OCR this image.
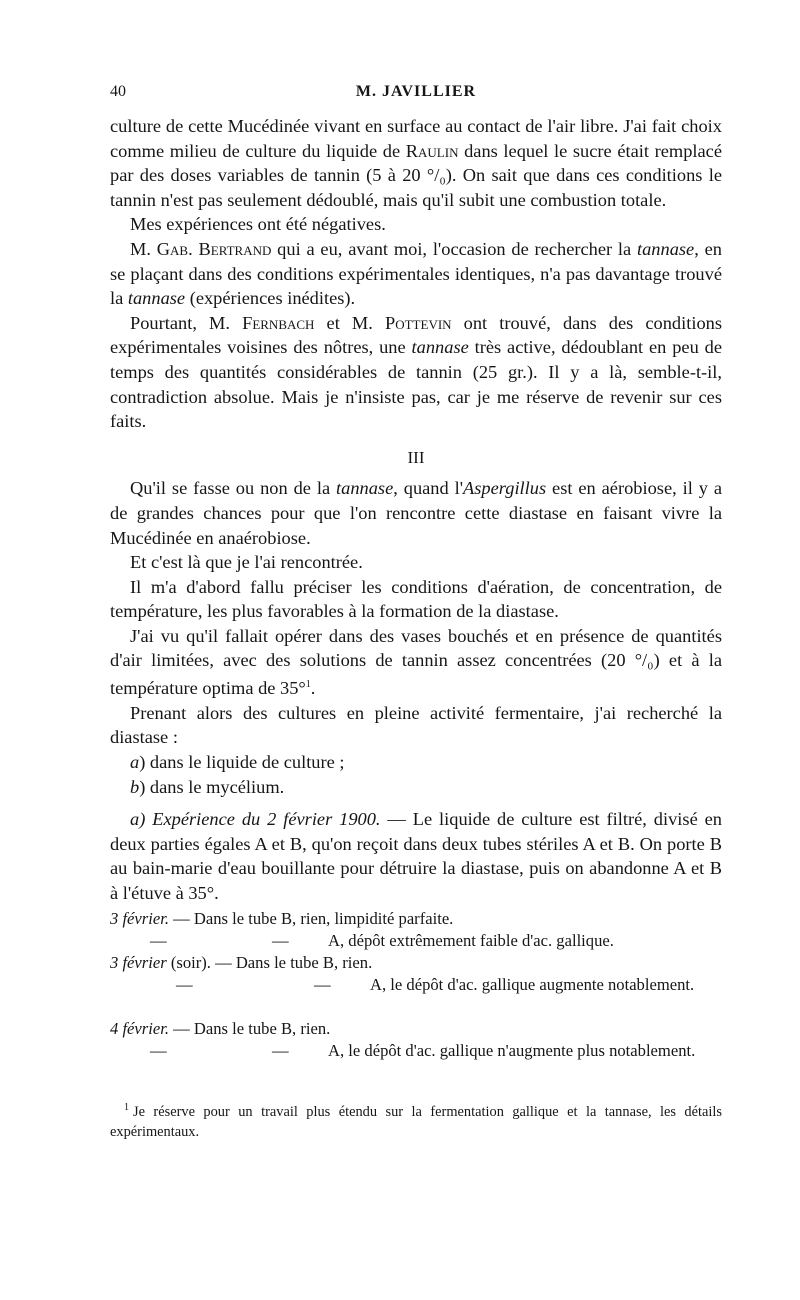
40	M. JAVILLIER

culture de cette Mucédinée vivant en surface au contact de l'air libre. J'ai fait choix comme milieu de culture du liquide de Raulin dans lequel le sucre était remplacé par des doses variables de tannin (5 à 20 °/₀). On sait que dans ces conditions le tannin n'est pas seulement dédoublé, mais qu'il subit une combustion totale.

Mes expériences ont été négatives.

M. Gab. Bertrand qui a eu, avant moi, l'occasion de rechercher la tannase, en se plaçant dans des conditions expérimentales identiques, n'a pas davantage trouvé la tannase (expériences inédites).

Pourtant, M. Fernbach et M. Pottevin ont trouvé, dans des conditions expérimentales voisines des nôtres, une tannase très active, dédoublant en peu de temps des quantités considérables de tannin (25 gr.). Il y a là, semble-t-il, contradiction absolue. Mais je n'insiste pas, car je me réserve de revenir sur ces faits.

III

Qu'il se fasse ou non de la tannase, quand l'Aspergillus est en aérobiose, il y a de grandes chances pour que l'on rencontre cette diastase en faisant vivre la Mucédinée en anaérobiose.

Et c'est là que je l'ai rencontrée.

Il m'a d'abord fallu préciser les conditions d'aération, de concentration, de température, les plus favorables à la formation de la diastase.

J'ai vu qu'il fallait opérer dans des vases bouchés et en présence de quantités d'air limitées, avec des solutions de tannin assez concentrées (20 °/₀) et à la température optima de 35°$^1$.

Prenant alors des cultures en pleine activité fermentaire, j'ai recherché la diastase :

a) dans le liquide de culture ;

b) dans le mycélium.

a) Expérience du 2 février 1900. — Le liquide de culture est filtré, divisé en deux parties égales A et B, qu'on reçoit dans deux tubes stériles A et B. On porte B au bain-marie d'eau bouillante pour détruire la diastase, puis on abandonne A et B à l'étuve à 35°.

3 février. — Dans le tube B, rien, limpidité parfaite.
—	— A, dépôt extrêmement faible d'ac. gallique.
3 février (soir). — Dans le tube B, rien.
—	— A, le dépôt d'ac. gallique augmente notablement.
4 février. — Dans le tube B, rien.
—	— A, le dépôt d'ac. gallique n'augmente plus notablement.
$^1$ Je réserve pour un travail plus étendu sur la fermentation gallique et la tannase, les détails expérimentaux.
